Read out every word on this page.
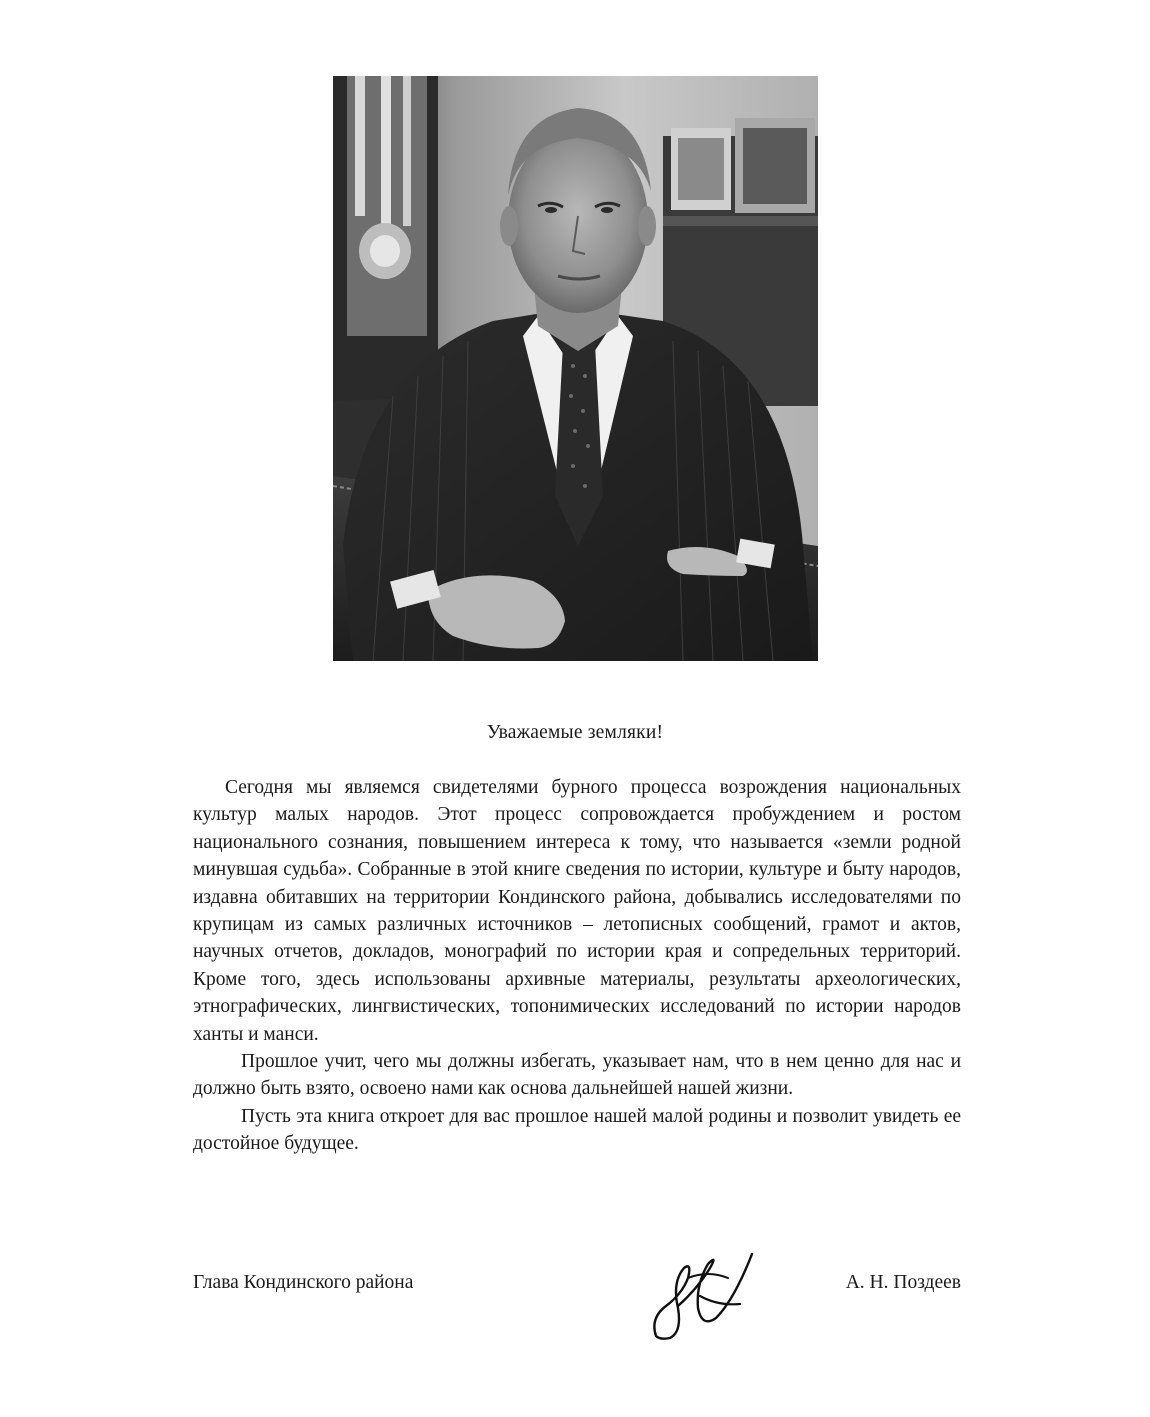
Уважаемые земляки!

Сегодня мы являемся свидетелями бурного процесса возрождения национальных культур малых народов. Этот процесс сопровождается пробуждением и ростом национального сознания, повышением интереса к тому, что называется «земли родной минувшая судьба». Собранные в этой книге сведения по истории, культуре и быту народов, издавна обитавших на территории Кондинского района, добывались исследователями по крупицам из самых различных источников – летописных сообщений, грамот и актов, научных отчетов, докладов, монографий по истории края и сопредельных территорий. Кроме того, здесь использованы архивные материалы, результаты археологических, этнографических, лингвистических, топонимических исследований по истории народов ханты и манси.

Прошлое учит, чего мы должны избегать, указывает нам, что в нем ценно для нас и должно быть взято, освоено нами как основа дальнейшей нашей жизни.

Пусть эта книга откроет для вас прошлое нашей малой родины и позволит увидеть ее достойное будущее.

Глава Кондинского района	А. Н. Поздеев
